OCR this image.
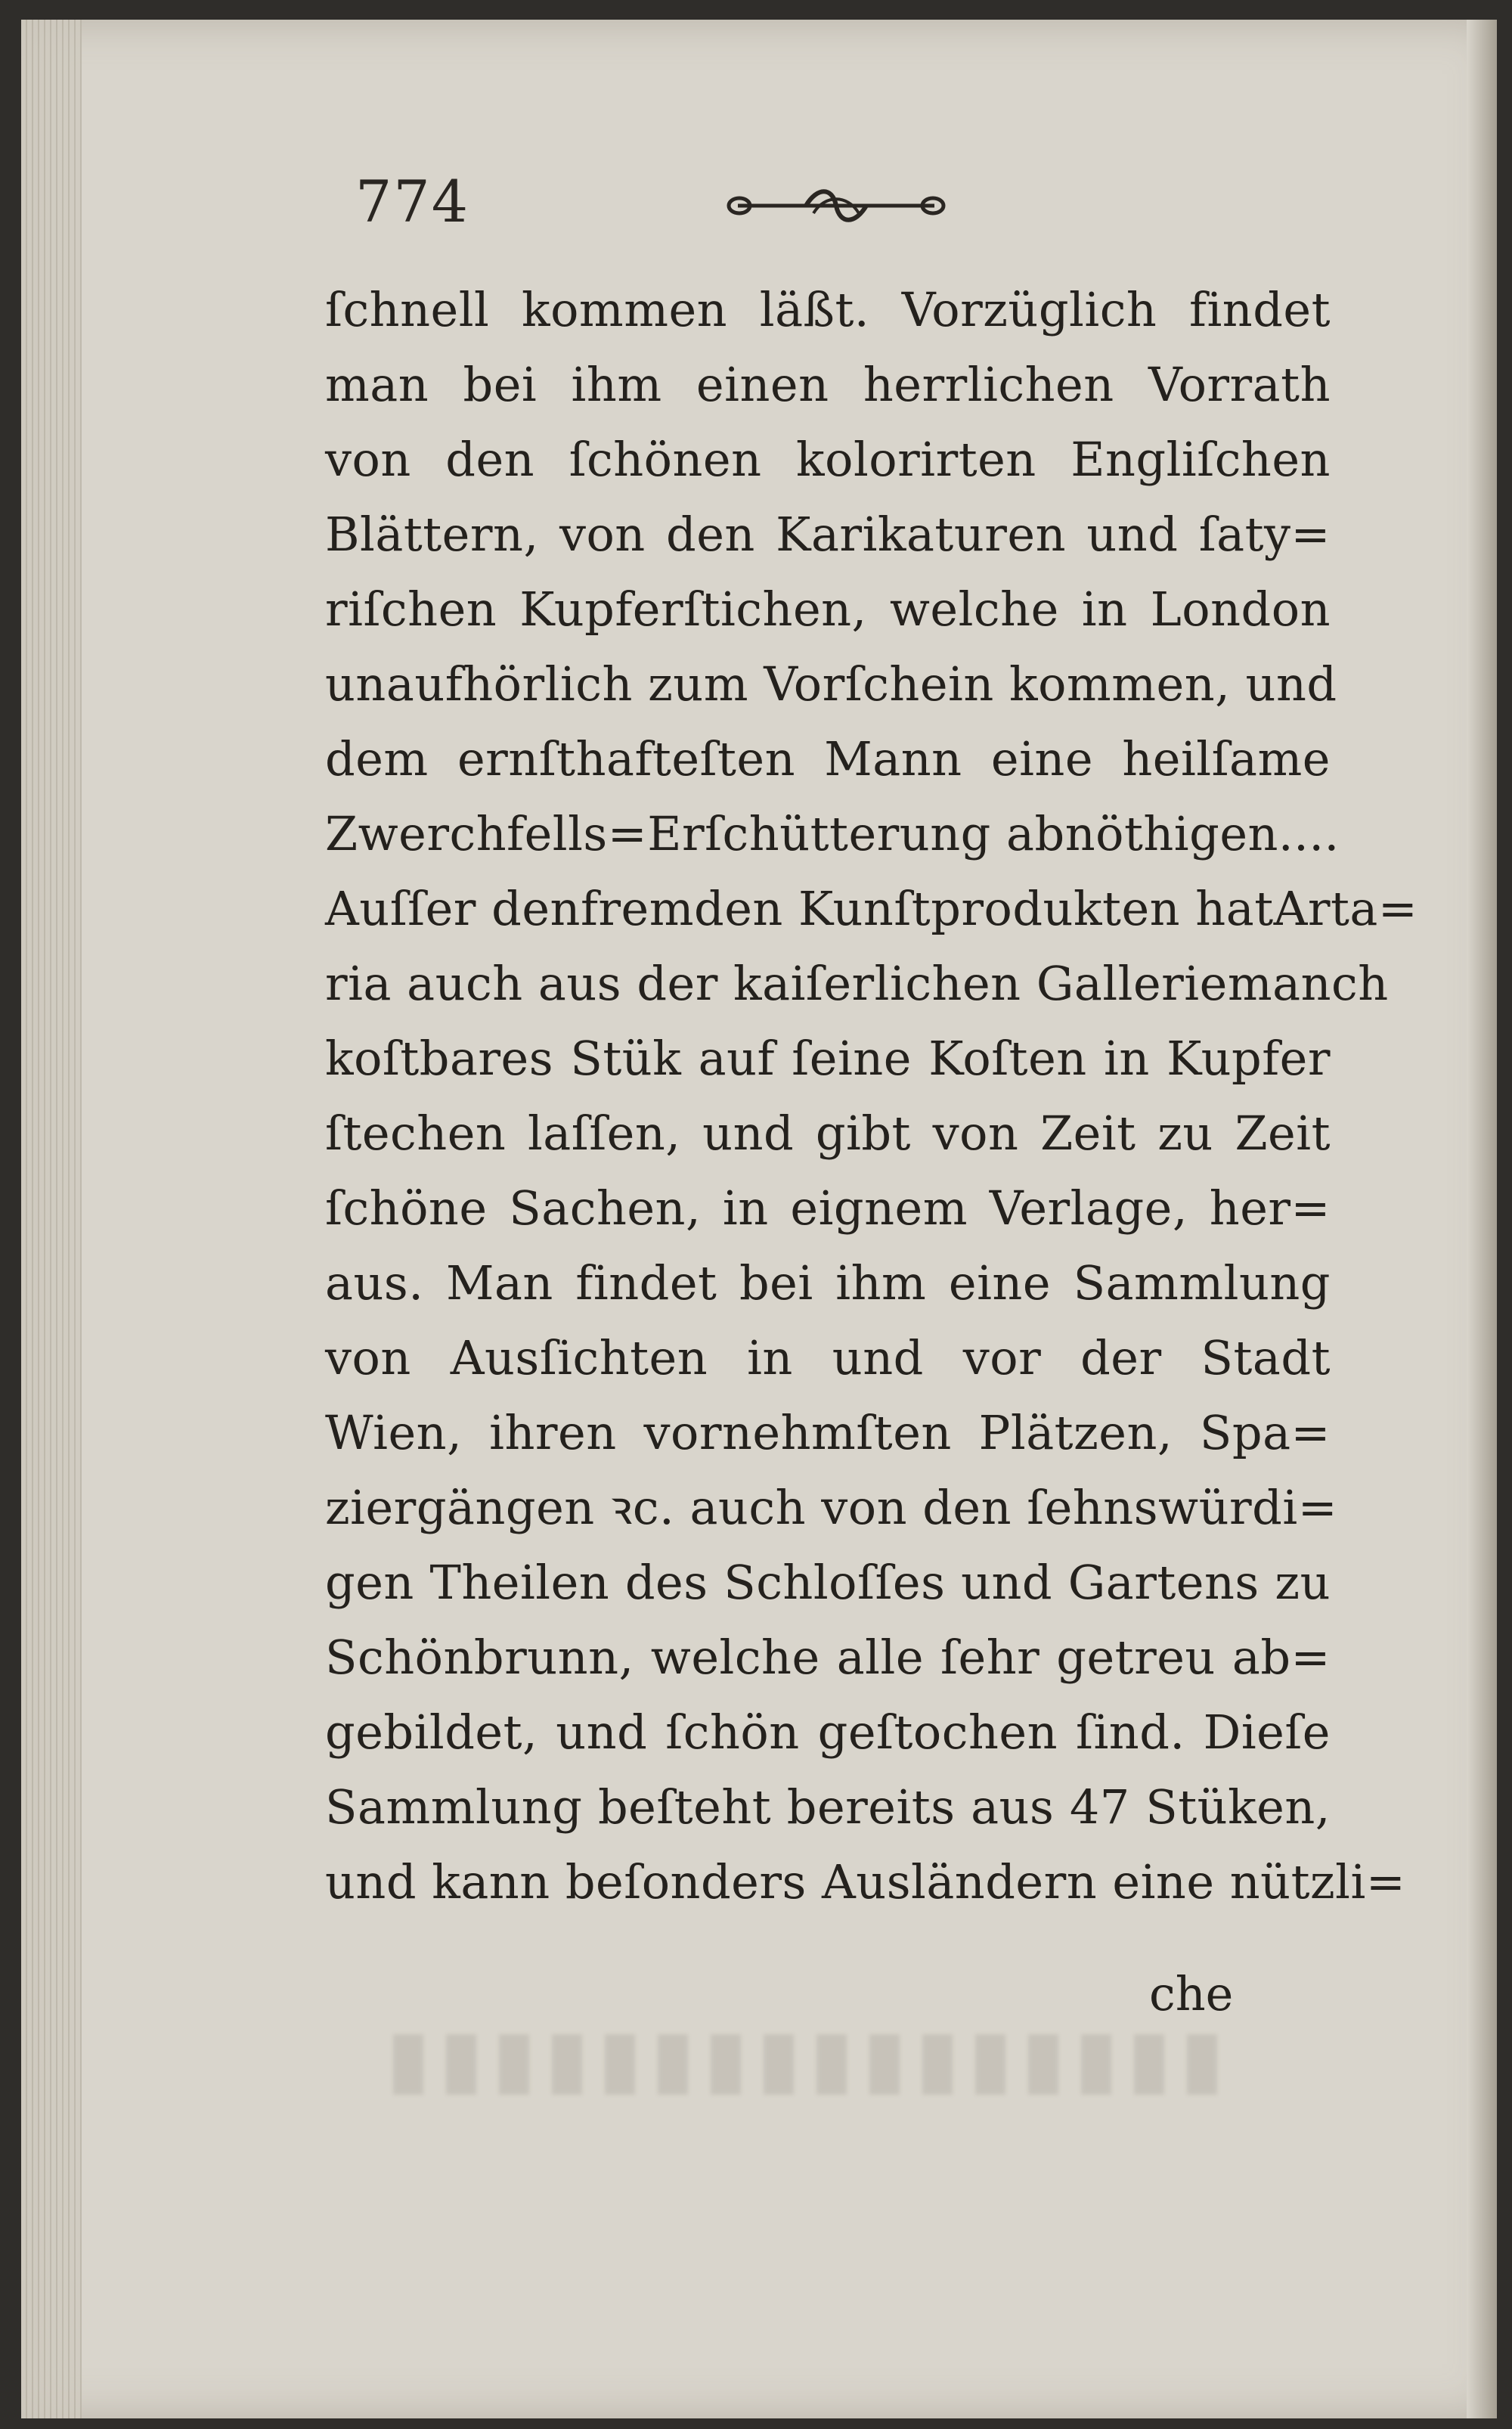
774
ſchnell kommen läßt. Vorzüglich findet
man bei ihm einen herrlichen Vorrath
von den ſchönen kolorirten Engliſchen
Blättern, von den Karikaturen und ſaty=
riſchen Kupferſtichen, welche in London
unaufhörlich zum Vorſchein kommen, und
dem ernſthafteſten Mann eine heilſame
Zwerchfells=Erſchütterung abnöthigen....
Auſſer denfremden Kunſtprodukten hatArta=
ria auch aus der kaiſerlichen Galleriemanch
koſtbares Stük auf ſeine Koſten in Kupfer
ſtechen laſſen, und gibt von Zeit zu Zeit
ſchöne Sachen, in eignem Verlage, her=
aus. Man findet bei ihm eine Sammlung
von Ausſichten in und vor der Stadt
Wien, ihren vornehmſten Plätzen, Spa=
ziergängen ꝛc. auch von den ſehnswürdi=
gen Theilen des Schloſſes und Gartens zu
Schönbrunn, welche alle ſehr getreu ab=
gebildet, und ſchön geſtochen ſind. Dieſe
Sammlung beſteht bereits aus 47 Stüken,
und kann beſonders Ausländern eine nützli=
che
